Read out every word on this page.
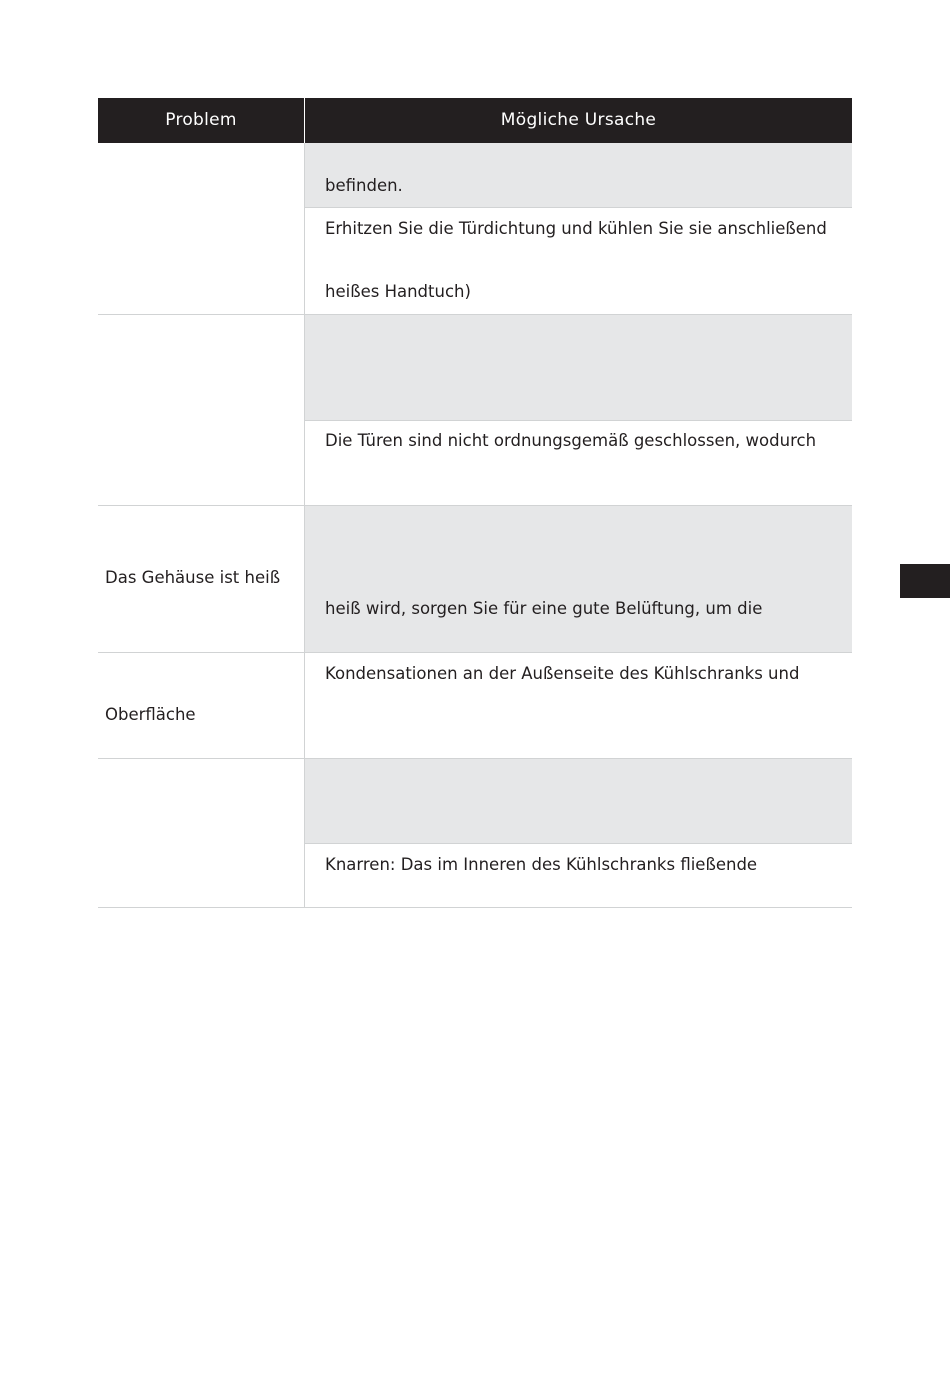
Problem	Mögliche Ursache
befinden.
Erhitzen Sie die Türdichtung und kühlen Sie sie anschließend
heißes Handtuch)
Die Türen sind nicht ordnungsgemäß geschlossen, wodurch
Das Gehäuse ist heiß
heiß wird, sorgen Sie für eine gute Belüftung, um die
Oberfläche
Kondensationen an der Außenseite des Kühlschranks und
Knarren: Das im Inneren des Kühlschranks fließende
